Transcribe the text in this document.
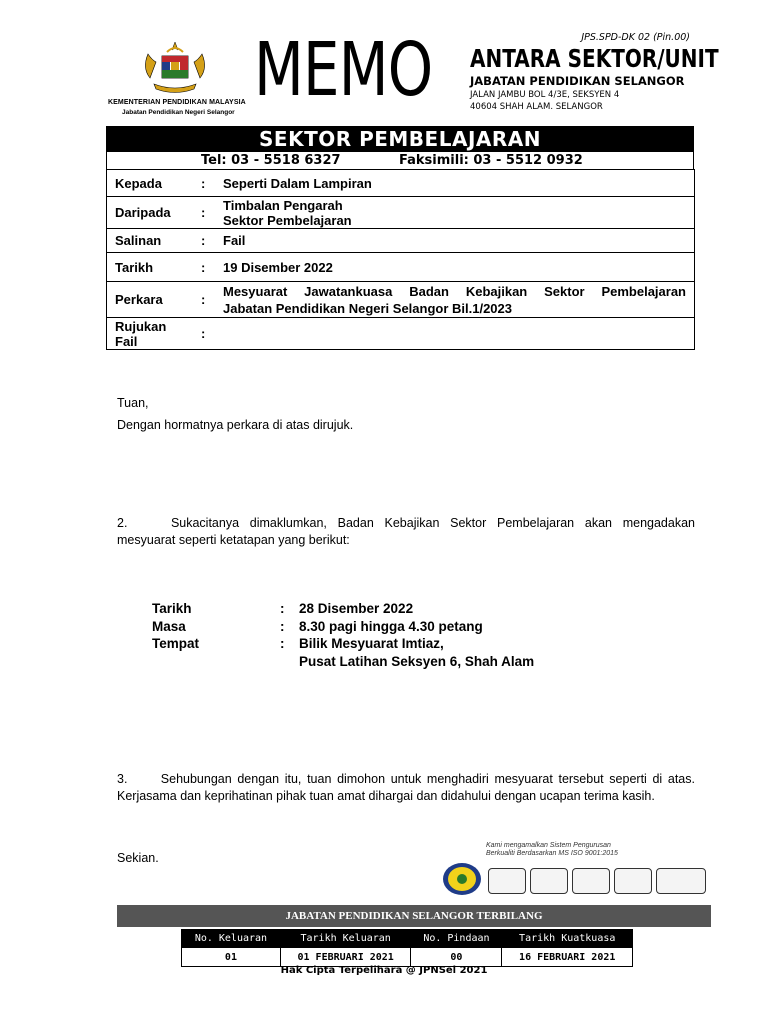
KEMENTERIAN PENDIDIKAN MALAYSIA
Jabatan Pendidikan Negeri Selangor MEMO	JPS.SPD-DK 02 (Pin.00)
ANTARA SEKTOR/UNIT
JABATAN PENDIDIKAN SELANGOR
JALAN JAMBU BOL 4/3E, SEKSYEN 4
40604 SHAH ALAM. SELANGOR
SEKTOR PEMBELAJARAN
Tel: 03 - 5518 6327	Faksimili: 03 - 5512 0932
Kepada	:	Seperti Dalam Lampiran
Daripada	:	Timbalan Pengarah
Sektor Pembelajaran

Salinan	:	Fail
Tarikh	:	19 Disember 2022
Perkara	:	Mesyuarat Jawatankuasa Badan Kebajikan Sektor Pembelajaran
Jabatan Pendidikan Negeri Selangor Bil.1/2023

Rujukan
Fail	:	
Tuan,
Dengan hormatnya perkara di atas dirujuk.
2.	Sukacitanya dimaklumkan, Badan Kebajikan Sektor Pembelajaran akan mengadakan
mesyuarat seperti ketatapan yang berikut:
Tarikh	: 28 Disember 2022
Masa	: 8.30 pagi hingga 4.30 petang
Tempat	: Bilik Mesyuarat Imtiaz,
Pusat Latihan Seksyen 6, Shah Alam
3.	Sehubungan dengan itu, tuan dimohon untuk menghadiri mesyuarat tersebut seperti di atas.
Kerjasama dan keprihatinan pihak tuan amat dihargai dan didahului dengan ucapan terima kasih.
Sekian.
Kami mengamalkan Sistem Pengurusan
Berkualiti Berdasarkan MS ISO 9001:2015
JABATAN PENDIDIKAN SELANGOR TERBILANG
No. Keluaran	Tarikh Keluaran	No. Pindaan	Tarikh Kuatkuasa
01	01 FEBRUARI 2021	00	16 FEBRUARI 2021
Hak Cipta Terpelihara @ JPNSel 2021
